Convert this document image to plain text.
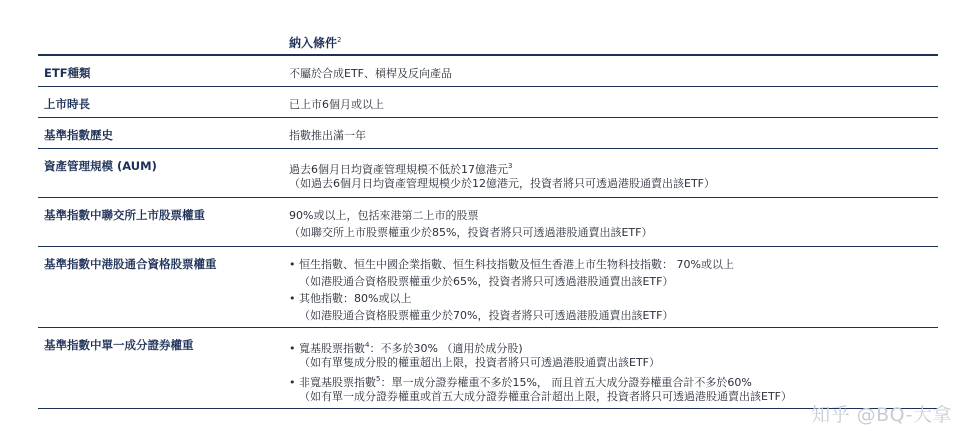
納入條件$^2$
ETF種類	不屬於合成ETF、槓桿及反向產品
上市時長	已上市6個月或以上
基準指數歷史	指數推出滿一年
資產管理規模 (AUM)	過去6個月日均資產管理規模不低於17億港元$^3$
（如過去6個月日均資產管理規模少於12億港元，投資者將只可透過港股通賣出該ETF）
基準指數中聯交所上市股票權重	90%或以上，包括來港第二上市的股票
（如聯交所上市股票權重少於85%，投資者將只可透過港股通賣出該ETF）
基準指數中港股通合資格股票權重	• 恒生指數、恒生中國企業指數、恒生科技指數及恒生香港上市生物科技指數： 70%或以上
（如港股通合資格股票權重少於65%，投資者將只可透過港股通賣出該ETF）
• 其他指數：80%或以上
（如港股通合資格股票權重少於70%，投資者將只可透過港股通賣出該ETF）
基準指數中單一成分證券權重	• 寬基股票指數$^4$：不多於30% （適用於成分股)
（如有單隻成分股的權重超出上限，投資者將只可透過港股通賣出該ETF）
• 非寬基股票指數$^5$：單一成分證券權重不多於15%， 而且首五大成分證券權重合計不多於60%
（如有單一成分證券權重或首五大成分證券權重合計超出上限，投資者將只可透過港股通賣出該ETF）
知乎 @BQ-大拿
